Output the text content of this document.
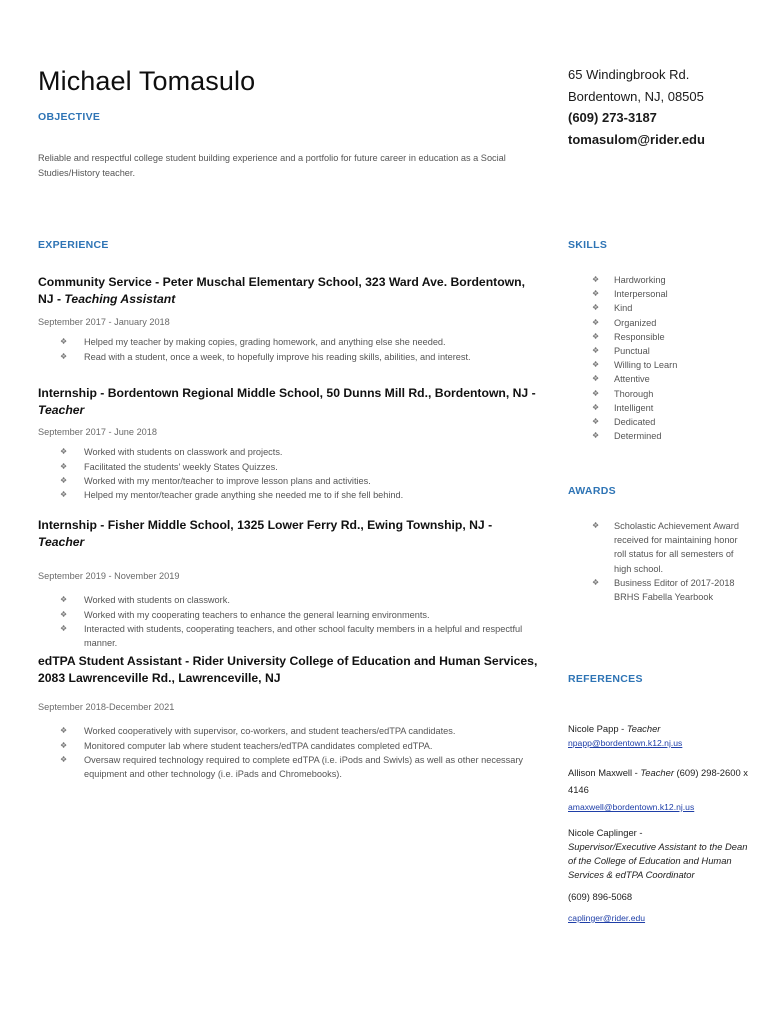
Michael Tomasulo
OBJECTIVE
Reliable and respectful college student building experience and a portfolio for future career in education as a Social Studies/History teacher.
65 Windingbrook Rd.
Bordentown, NJ, 08505
(609) 273-3187
tomasulom@rider.edu
EXPERIENCE
Community Service - Peter Muschal Elementary School, 323 Ward Ave. Bordentown, NJ - Teaching Assistant
September 2017 - January 2018
❖ Helped my teacher by making copies, grading homework, and anything else she needed.
❖ Read with a student, once a week, to hopefully improve his reading skills, abilities, and interest.
Internship - Bordentown Regional Middle School, 50 Dunns Mill Rd., Bordentown, NJ - Teacher
September 2017 - June 2018
❖ Worked with students on classwork and projects.
❖ Facilitated the students' weekly States Quizzes.
❖ Worked with my mentor/teacher to improve lesson plans and activities.
❖ Helped my mentor/teacher grade anything she needed me to if she fell behind.
Internship - Fisher Middle School, 1325 Lower Ferry Rd., Ewing Township, NJ - Teacher
September 2019 - November 2019
❖ Worked with students on classwork.
❖ Worked with my cooperating teachers to enhance the general learning environments.
❖ Interacted with students, cooperating teachers, and other school faculty members in a helpful and respectful manner.
edTPA Student Assistant - Rider University College of Education and Human Services, 2083 Lawrenceville Rd., Lawrenceville, NJ
September 2018-December 2021
❖ Worked cooperatively with supervisor, co-workers, and student teachers/edTPA candidates.
❖ Monitored computer lab where student teachers/edTPA candidates completed edTPA.
❖ Oversaw required technology required to complete edTPA (i.e. iPods and Swivls) as well as other necessary equipment and other technology (i.e. iPads and Chromebooks).
SKILLS
❖ Hardworking
❖ Interpersonal
❖ Kind
❖ Organized
❖ Responsible
❖ Punctual
❖ Willing to Learn
❖ Attentive
❖ Thorough
❖ Intelligent
❖ Dedicated
❖ Determined
AWARDS
❖ Scholastic Achievement Award received for maintaining honor roll status for all semesters of high school.
❖ Business Editor of 2017-2018 BRHS Fabella Yearbook
REFERENCES
Nicole Papp - Teacher
npapp@bordentown.k12.nj.us
Allison Maxwell - Teacher (609) 298-2600 x 4146
amaxwell@bordentown.k12.nj.us
Nicole Caplinger -
Supervisor/Executive Assistant to the Dean of the College of Education and Human Services & edTPA Coordinator
(609) 896-5068
caplinger@rider.edu
